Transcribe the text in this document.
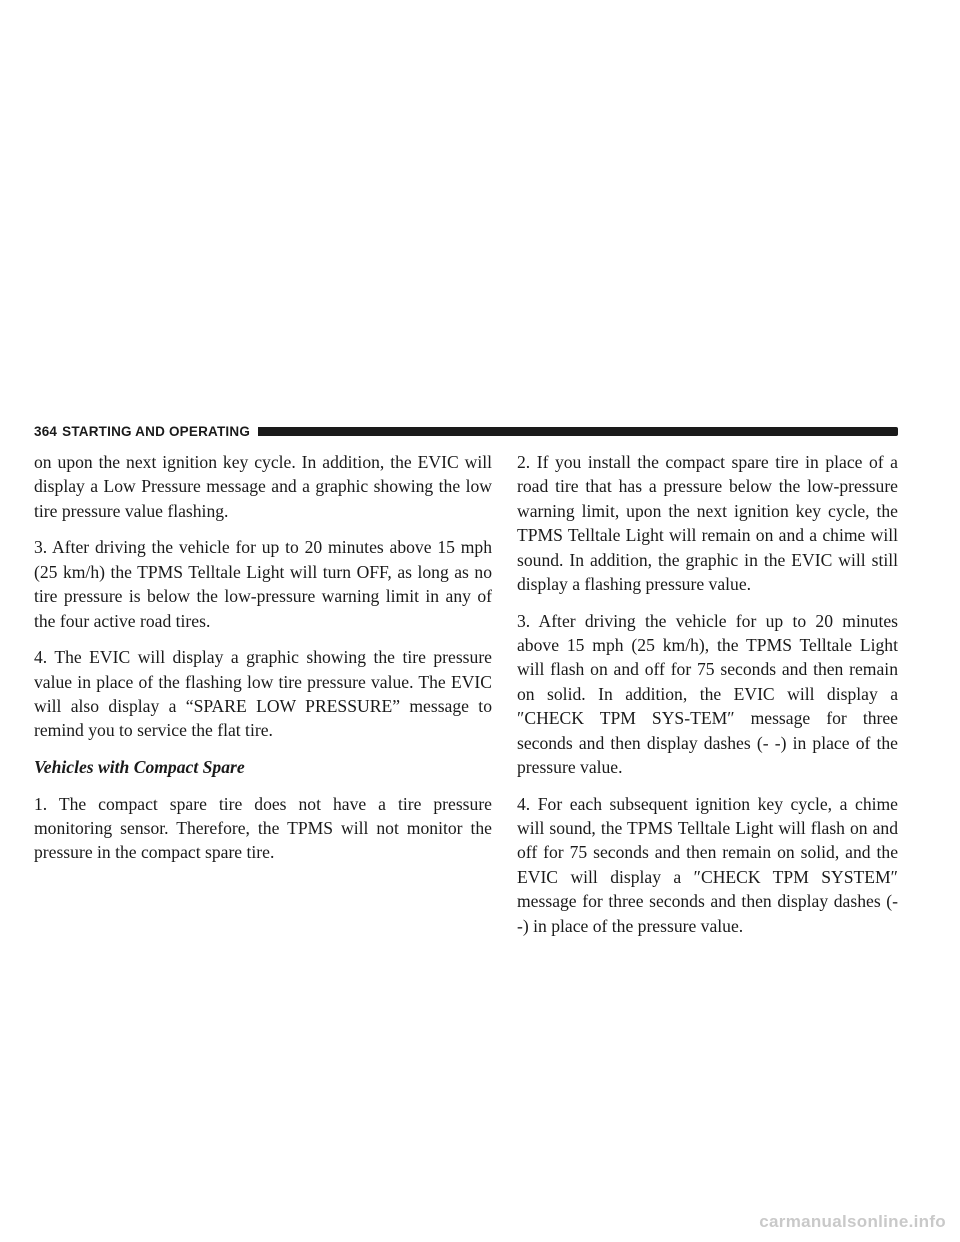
364 STARTING AND OPERATING

on upon the next ignition key cycle. In addition, the EVIC will display a Low Pressure message and a graphic showing the low tire pressure value flashing.

3. After driving the vehicle for up to 20 minutes above 15 mph (25 km/h) the TPMS Telltale Light will turn OFF, as long as no tire pressure is below the low-pressure warning limit in any of the four active road tires.

4. The EVIC will display a graphic showing the tire pressure value in place of the flashing low tire pressure value. The EVIC will also display a “SPARE LOW PRESSURE” message to remind you to service the flat tire.

Vehicles with Compact Spare

1. The compact spare tire does not have a tire pressure monitoring sensor. Therefore, the TPMS will not monitor the pressure in the compact spare tire.

2. If you install the compact spare tire in place of a road tire that has a pressure below the low-pressure warning limit, upon the next ignition key cycle, the TPMS Telltale Light will remain on and a chime will sound. In addition, the graphic in the EVIC will still display a flashing pressure value.

3. After driving the vehicle for up to 20 minutes above 15 mph (25 km/h), the TPMS Telltale Light will flash on and off for 75 seconds and then remain on solid. In addition, the EVIC will display a ″CHECK TPM SYS-TEM″ message for three seconds and then display dashes (- -) in place of the pressure value.

4. For each subsequent ignition key cycle, a chime will sound, the TPMS Telltale Light will flash on and off for 75 seconds and then remain on solid, and the EVIC will display a ″CHECK TPM SYSTEM″ message for three seconds and then display dashes (- -) in place of the pressure value.

carmanualsonline.info
